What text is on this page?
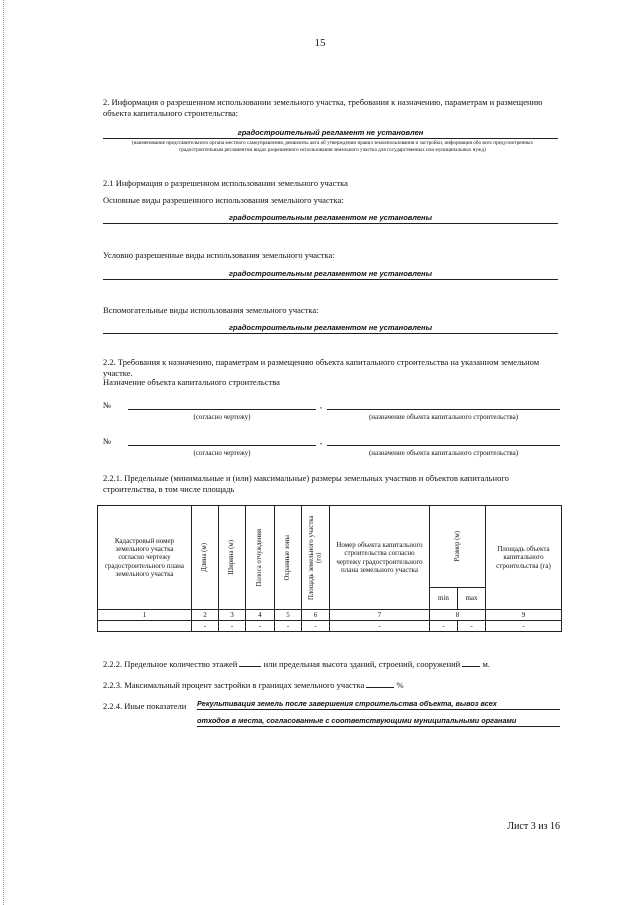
15
2. Информация о разрешенном использовании земельного участка, требования к назначению, параметрам и размещению объекта капитального строительства:
градостроительный регламент не установлен
(наименование представительного органа местного самоуправления, реквизиты акта об утверждении правил землепользования и застройки, информация обо всех предусмотренных градостроительным регламентом видах разрешенного использования земельного участка для государственных или муниципальных нужд)
2.1 Информация о разрешенном использовании земельного участка
Основные виды разрешенного использования земельного участка:
градостроительным регламентом не установлены
Условно разрешенные виды использования земельного участка:
градостроительным регламентом не установлены
Вспомогательные виды использования земельного участка:
градостроительным регламентом не установлены
2.2. Требования к назначению, параметрам и размещению объекта капитального строительства на указанном земельном участке.
Назначение объекта капитального строительства
№	,
(согласно чертежу)	(назначение объекта капитального строительства)
№	,
(согласно чертежу)	(назначение объекта капитального строительства)
2.2.1. Предельные (минимальные и (или) максимальные) размеры земельных участков и объектов капитального строительства, в том числе площадь
Кадастровый номер земельного участка согласно чертежу градостроительного плана земельного участка	Длина (м)	Ширина (м)	Полоса отчуждения	Охранные зоны	Площадь земельного участка (га)	Номер объекта капитального строительства согласно чертежу градостроительного плана земельного участка	Размер (м)		Площадь объекта капитального строительства (га)
							min	max	
1	2	3	4	5	6	7	8		9
	-	-	-	-	-	-	-	-	-
2.2.2. Предельное количество этажей	или предельная высота зданий, строений, сооружений	м.
2.2.3. Максимальный процент застройки в границах земельного участка	%
2.2.4. Иные показатели Рекультивация земель после завершения строительства объекта, вывоз всех
отходов в места, согласованные с соответствующими муниципальными органами
Лист 3 из 16
